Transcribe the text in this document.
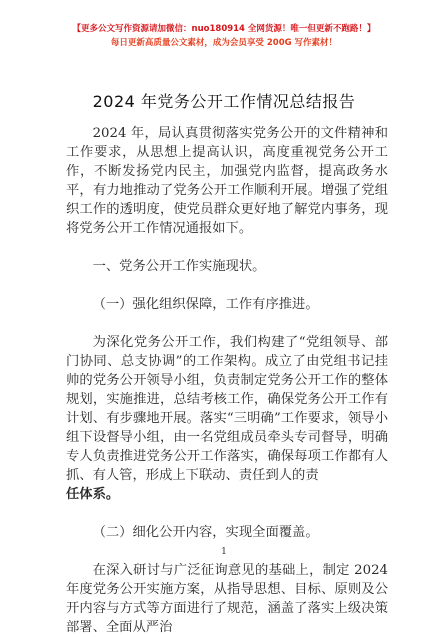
【更多公文写作资源请加微信：nuo180914 全网货源！唯一但更新不跑路！】
每日更新高质量公文素材，成为会员享受 200G 写作素材！
2024 年党务公开工作情况总结报告

2024 年，局认真贯彻落实党务公开的文件精神和工作要求，从思想上提高认识，高度重视党务公开工作，不断发扬党内民主，加强党内监督，提高政务水平，有力地推动了党务公开工作顺利开展。增强了党组织工作的透明度，使党员群众更好地了解党内事务，现将党务公开工作情况通报如下。

一、党务公开工作实施现状。

（一）强化组织保障，工作有序推进。

为深化党务公开工作，我们构建了“党组领导、部门协同、总支协调”的工作架构。成立了由党组书记挂帅的党务公开领导小组，负责制定党务公开工作的整体规划，实施推进，总结考核工作，确保党务公开工作有计划、有步骤地开展。落实“三明确”工作要求，领导小组下设督导小组，由一名党组成员牵头专司督导，明确专人负责推进党务公开工作落实，确保每项工作都有人抓、有人管，形成上下联动、责任到人的责

任体系。

（二）细化公开内容，实现全面覆盖。

在深入研讨与广泛征询意见的基础上，制定 2024 年度党务公开实施方案，从指导思想、目标、原则及公开内容与方式等方面进行了规范，涵盖了落实上级决策部署、全面从严治

1
